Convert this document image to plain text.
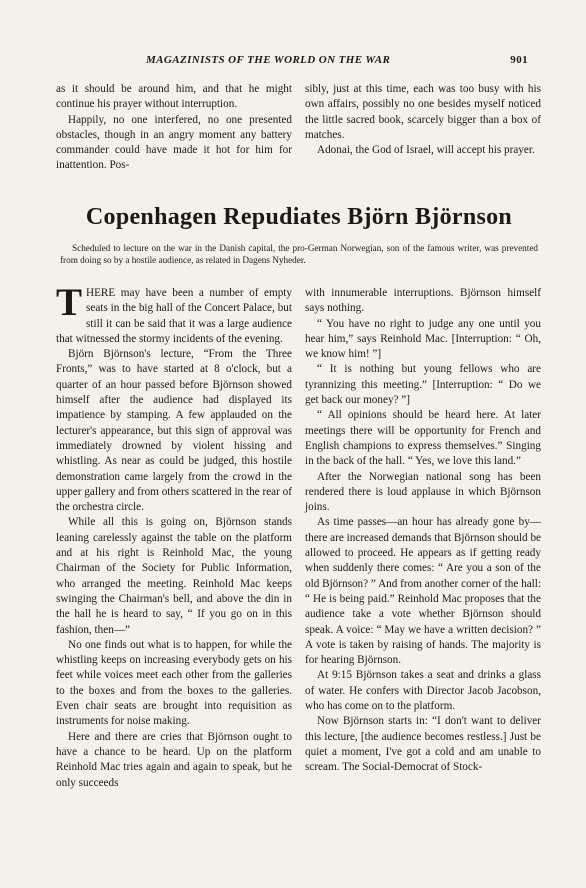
MAGAZINISTS OF THE WORLD ON THE WAR	901

as it should be around him, and that he might continue his prayer without interruption.

Happily, no one interfered, no one presented obstacles, though in an angry moment any battery commander could have made it hot for him for inattention. Pos-

sibly, just at this time, each was too busy with his own affairs, possibly no one besides myself noticed the little sacred book, scarcely bigger than a box of matches.

Adonai, the God of Israel, will accept his prayer.

Copenhagen Repudiates Björn Björnson

Scheduled to lecture on the war in the Danish capital, the pro-German Norwegian, son of the famous writer, was prevented from doing so by a hostile audience, as related in Dagens Nyheder.

THERE may have been a number of empty seats in the big hall of the Concert Palace, but still it can be said that it was a large audience that witnessed the stormy incidents of the evening.

Björn Björnson's lecture, “From the Three Fronts,” was to have started at 8 o'clock, but a quarter of an hour passed before Björnson showed himself after the audience had displayed its impatience by stamping. A few applauded on the lecturer's appearance, but this sign of approval was immediately drowned by violent hissing and whistling. As near as could be judged, this hostile demonstration came largely from the crowd in the upper gallery and from others scattered in the rear of the orchestra circle.

While all this is going on, Björnson stands leaning carelessly against the table on the platform and at his right is Reinhold Mac, the young Chairman of the Society for Public Information, who arranged the meeting. Reinhold Mac keeps swinging the Chairman's bell, and above the din in the hall he is heard to say, “ If you go on in this fashion, then—”

No one finds out what is to happen, for while the whistling keeps on increasing everybody gets on his feet while voices meet each other from the galleries to the boxes and from the boxes to the galleries. Even chair seats are brought into requisition as instruments for noise making.

Here and there are cries that Björnson ought to have a chance to be heard. Up on the platform Reinhold Mac tries again and again to speak, but he only succeeds

with innumerable interruptions. Björnson himself says nothing.

“ You have no right to judge any one until you hear him,” says Reinhold Mac. [Interruption: “ Oh, we know him! ”]

“ It is nothing but young fellows who are tyrannizing this meeting.” [Interruption: “ Do we get back our money? ”]

“ All opinions should be heard here. At later meetings there will be opportunity for French and English champions to express themselves.” Singing in the back of the hall. “ Yes, we love this land.”

After the Norwegian national song has been rendered there is loud applause in which Björnson joins.

As time passes—an hour has already gone by—there are increased demands that Björnson should be allowed to proceed. He appears as if getting ready when suddenly there comes: “ Are you a son of the old Björnson? ” And from another corner of the hall: “ He is being paid.” Reinhold Mac proposes that the audience take a vote whether Björnson should speak. A voice: “ May we have a written decision? ” A vote is taken by raising of hands. The majority is for hearing Björnson.

At 9:15 Björnson takes a seat and drinks a glass of water. He confers with Director Jacob Jacobson, who has come on to the platform.

Now Björnson starts in: “I don't want to deliver this lecture, [the audience becomes restless.] Just be quiet a moment, I've got a cold and am unable to scream. The Social-Democrat of Stock-
